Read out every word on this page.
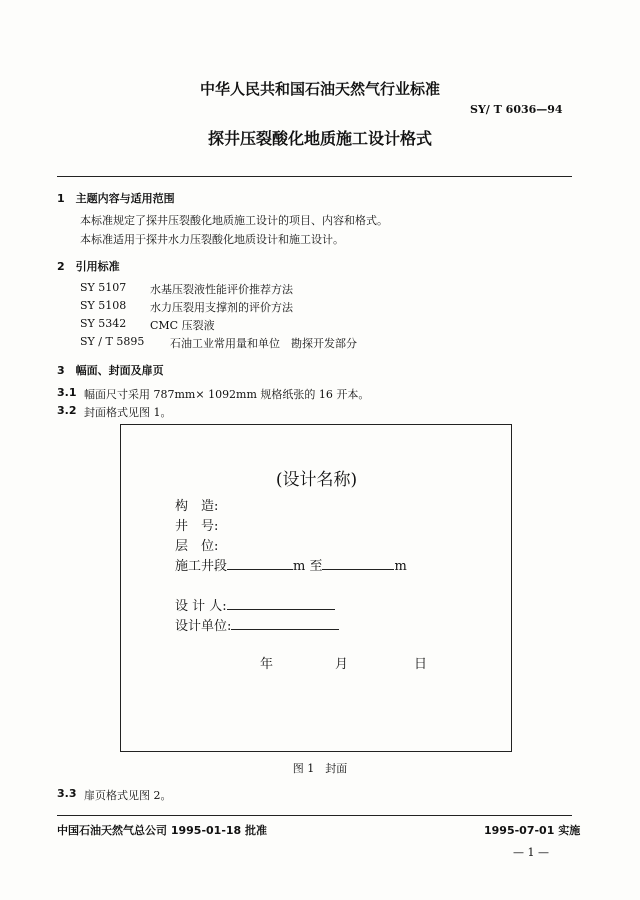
中华人民共和国石油天然气行业标准
SY/ T 6036—94
探井压裂酸化地质施工设计格式
1　主题内容与适用范围
本标准规定了探井压裂酸化地质施工设计的项目、内容和格式。
本标准适用于探井水力压裂酸化地质设计和施工设计。
2　引用标准
SY 5107 水基压裂液性能评价推荐方法
SY 5108 水力压裂用支撑剂的评价方法
SY 5342 CMC 压裂液
SY / T 5895 石油工业常用量和单位　勘探开发部分
3　幅面、封面及扉页
3.1 幅面尺寸采用 787mm× 1092mm 规格纸张的 16 开本。
3.2 封面格式见图 1。
(设计名称)
构　造:
井　号:
层　位:
施工井段	m 至	m
设 计 人:
设计单位:
年	月	日
图 1　封面
3.3 扉页格式见图 2。
中国石油天然气总公司 1995-01-18 批准	1995-07-01 实施
— 1 —
